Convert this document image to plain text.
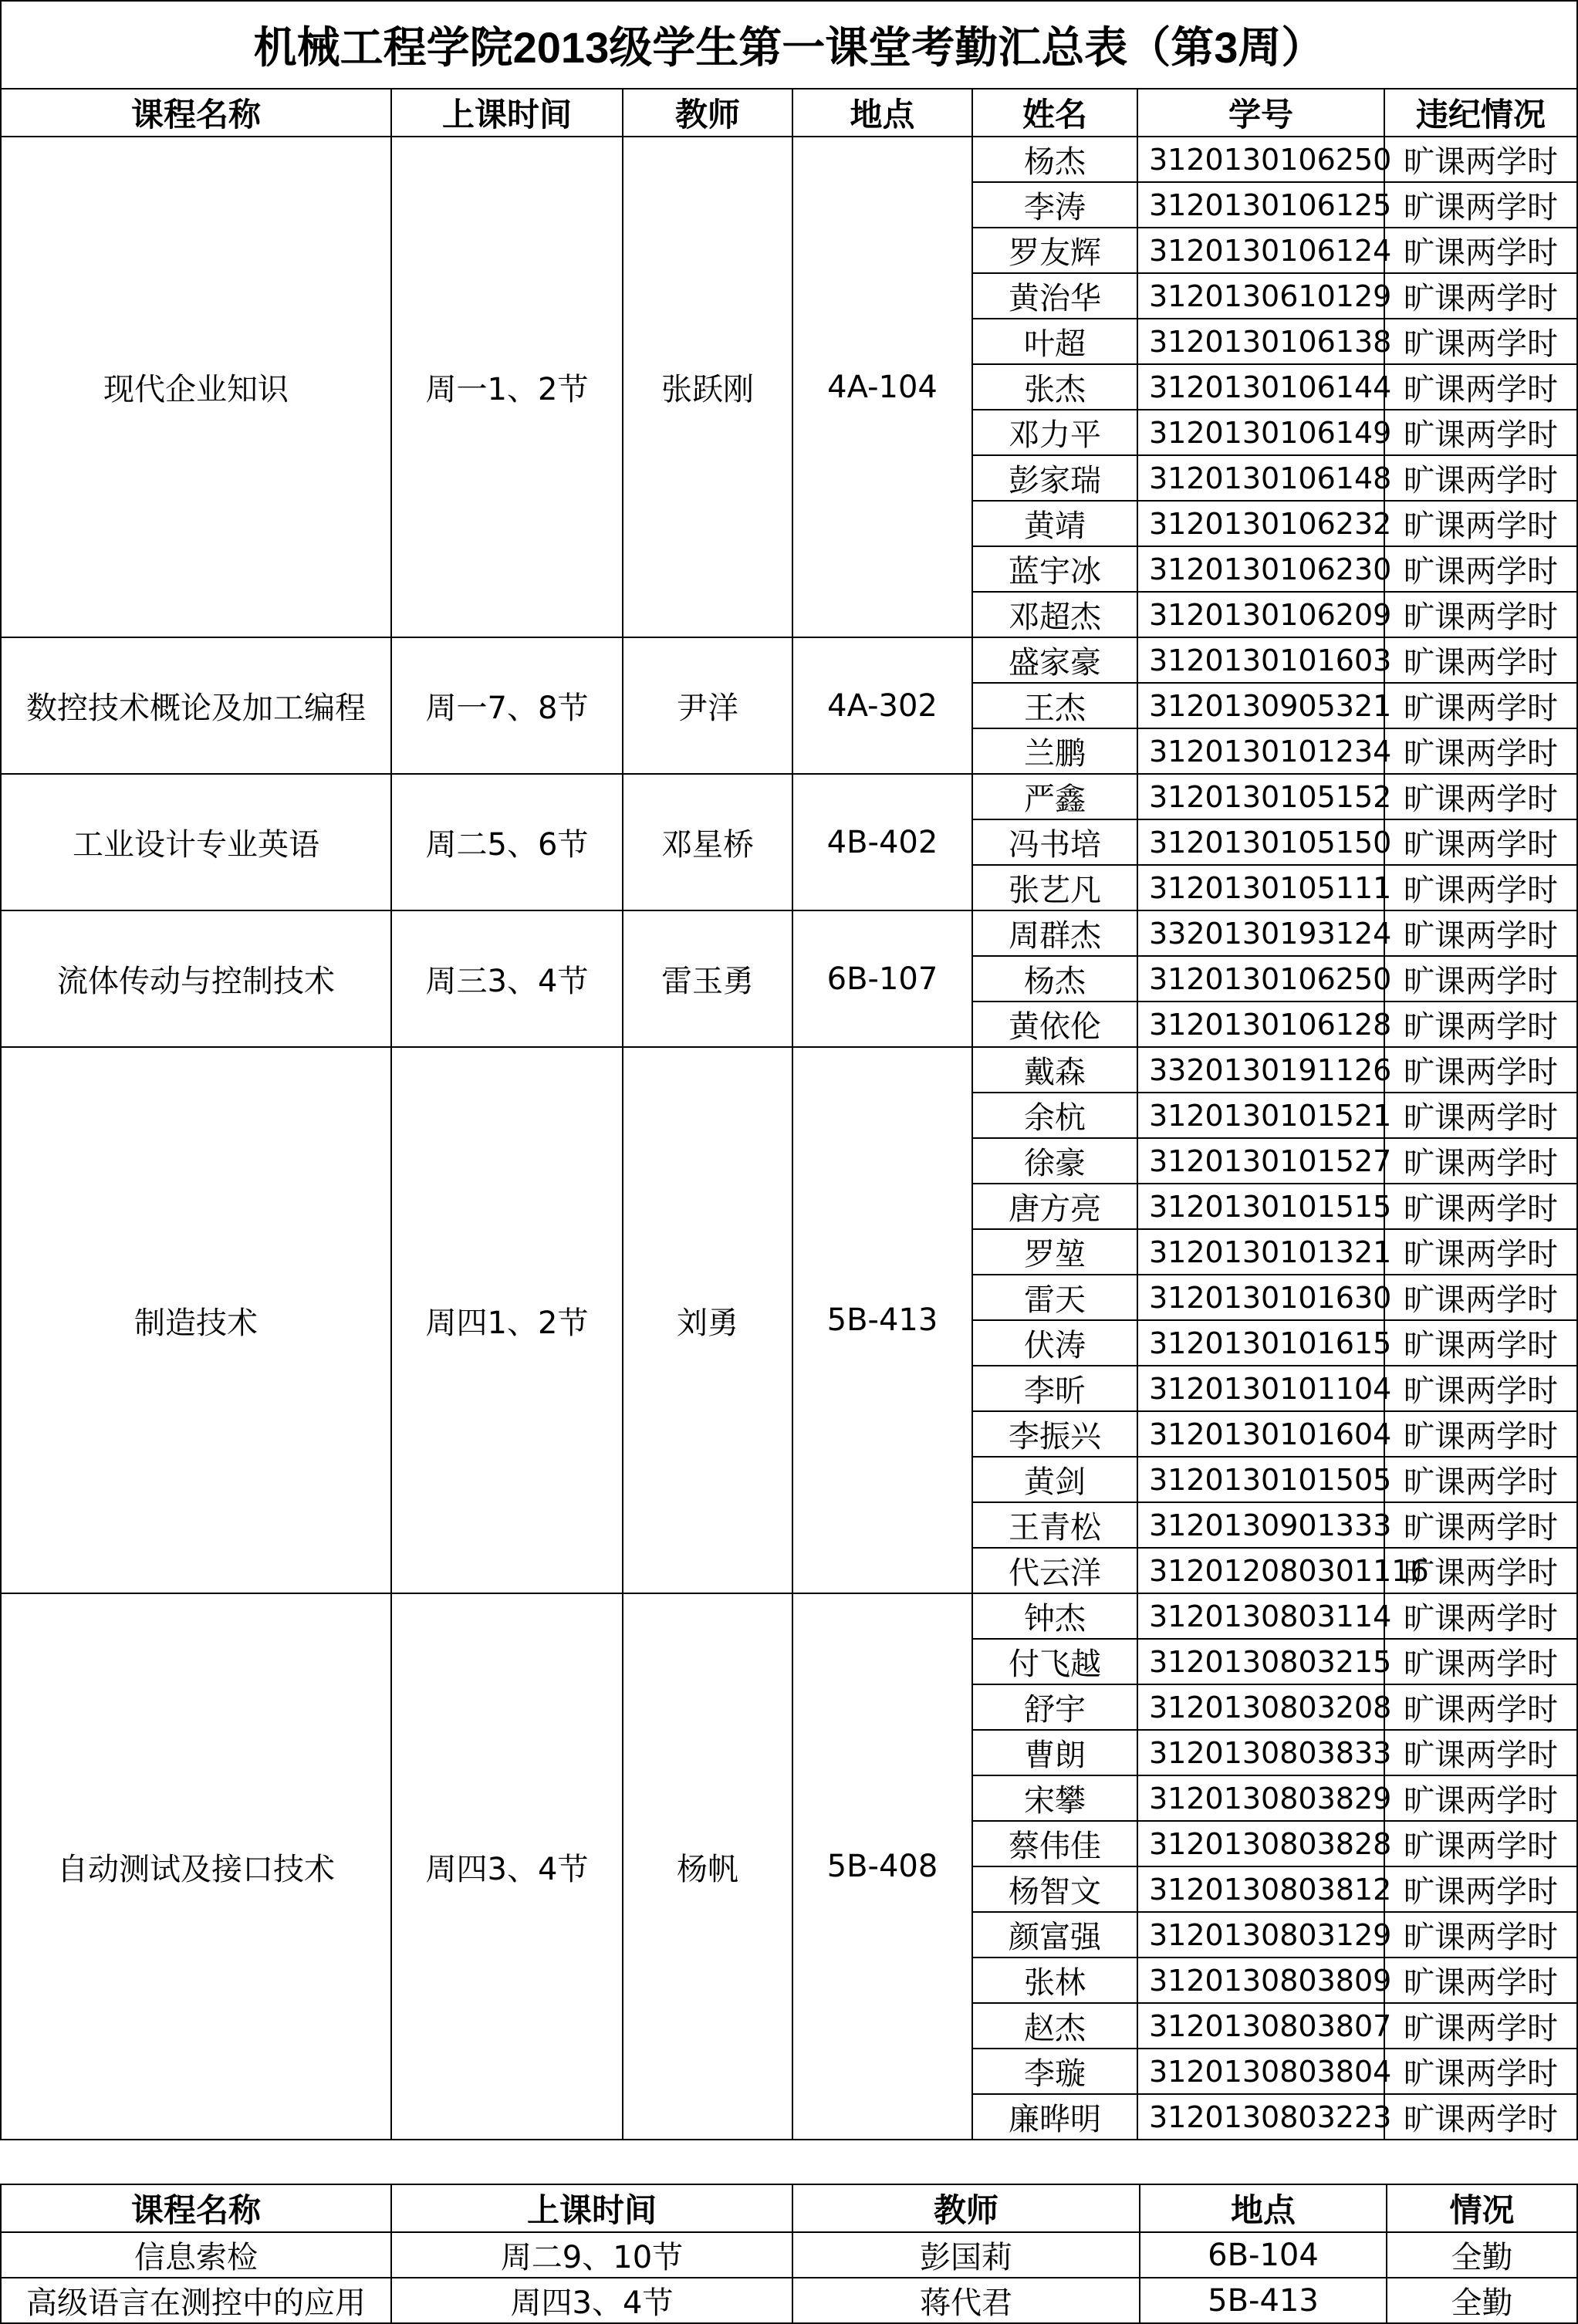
机械工程学院2013级学生第一课堂考勤汇总表（第3周）						
课程名称	上课时间	教师	地点	姓名	学号	违纪情况
现代企业知识	周一1、2节	张跃刚	4A-104	杨杰	3120130106250	旷课两学时
				李涛	3120130106125	旷课两学时
				罗友辉	3120130106124	旷课两学时
				黄治华	3120130610129	旷课两学时
				叶超	3120130106138	旷课两学时
				张杰	3120130106144	旷课两学时
				邓力平	3120130106149	旷课两学时
				彭家瑞	3120130106148	旷课两学时
				黄靖	3120130106232	旷课两学时
				蓝宇冰	3120130106230	旷课两学时
				邓超杰	3120130106209	旷课两学时
数控技术概论及加工编程	周一7、8节	尹洋	4A-302	盛家豪	3120130101603	旷课两学时
				王杰	3120130905321	旷课两学时
				兰鹏	3120130101234	旷课两学时
工业设计专业英语	周二5、6节	邓星桥	4B-402	严鑫	3120130105152	旷课两学时
				冯书培	3120130105150	旷课两学时
				张艺凡	3120130105111	旷课两学时
流体传动与控制技术	周三3、4节	雷玉勇	6B-107	周群杰	3320130193124	旷课两学时
				杨杰	3120130106250	旷课两学时
				黄依伦	3120130106128	旷课两学时
制造技术	周四1、2节	刘勇	5B-413	戴森	3320130191126	旷课两学时
				余杭	3120130101521	旷课两学时
				徐豪	3120130101527	旷课两学时
				唐方亮	3120130101515	旷课两学时
				罗堃	3120130101321	旷课两学时
				雷天	3120130101630	旷课两学时
				伏涛	3120130101615	旷课两学时
				李昕	3120130101104	旷课两学时
				李振兴	3120130101604	旷课两学时
				黄剑	3120130101505	旷课两学时
				王青松	3120130901333	旷课两学时
				代云洋	312012080301116	旷课两学时
自动测试及接口技术	周四3、4节	杨帆	5B-408	钟杰	3120130803114	旷课两学时
				付飞越	3120130803215	旷课两学时
				舒宇	3120130803208	旷课两学时
				曹朗	3120130803833	旷课两学时
				宋攀	3120130803829	旷课两学时
				蔡伟佳	3120130803828	旷课两学时
				杨智文	3120130803812	旷课两学时
				颜富强	3120130803129	旷课两学时
				张林	3120130803809	旷课两学时
				赵杰	3120130803807	旷课两学时
				李璇	3120130803804	旷课两学时
				廉晔明	3120130803223	旷课两学时
课程名称	上课时间	教师	地点	情况
信息索检	周二9、10节	彭国莉	6B-104	全勤
高级语言在测控中的应用	周四3、4节	蒋代君	5B-413	全勤
